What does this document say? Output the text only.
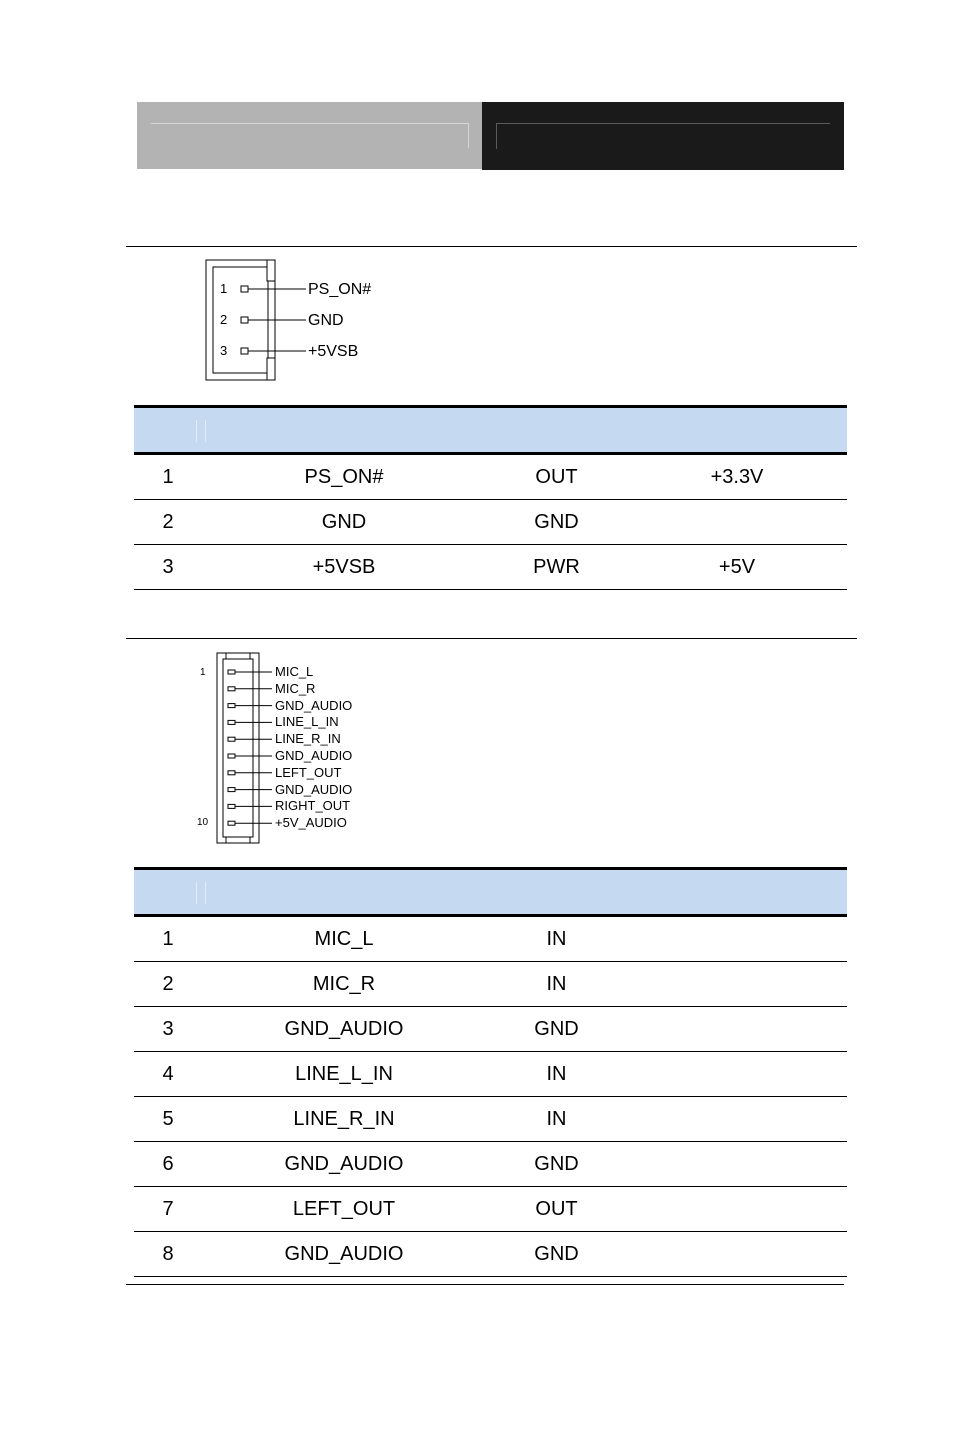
1
2
3
PS_ON#
GND
+5VSB

1	PS_ON#	OUT	+3.3V
2	GND	GND	
3	+5VSB	PWR	+5V
1
10
MIC_L
MIC_R
GND_AUDIO
LINE_L_IN
LINE_R_IN
GND_AUDIO
LEFT_OUT
GND_AUDIO
RIGHT_OUT
+5V_AUDIO

1	MIC_L	IN	
2	MIC_R	IN	
3	GND_AUDIO	GND	
4	LINE_L_IN	IN	
5	LINE_R_IN	IN	
6	GND_AUDIO	GND	
7	LEFT_OUT	OUT	
8	GND_AUDIO	GND	
